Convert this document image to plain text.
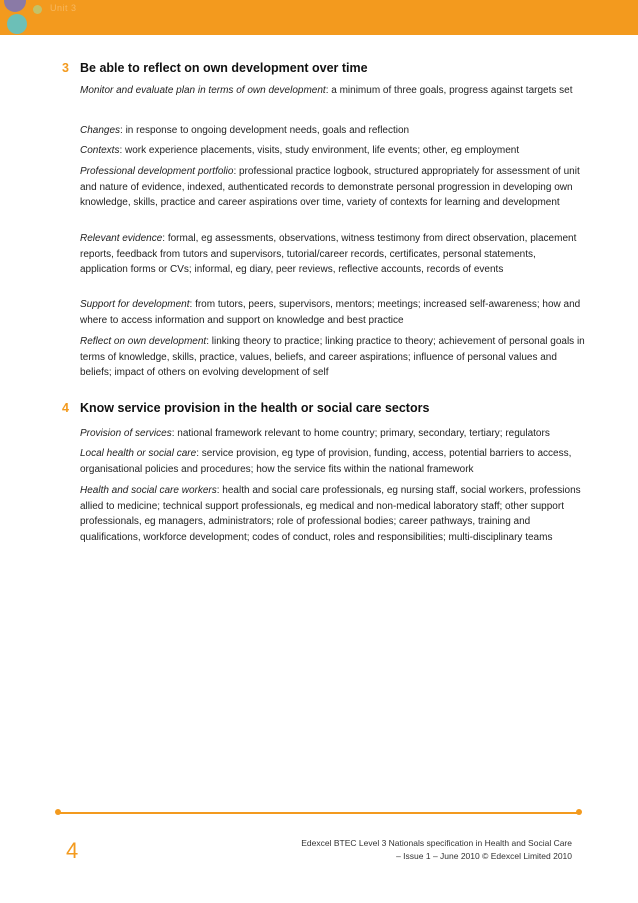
Unit 3
3 Be able to reflect on own development over time
Monitor and evaluate plan in terms of own development: a minimum of three goals, progress against targets set
Changes: in response to ongoing development needs, goals and reflection
Contexts: work experience placements, visits, study environment, life events; other, eg employment
Professional development portfolio: professional practice logbook, structured appropriately for assessment of unit and nature of evidence, indexed, authenticated records to demonstrate personal progression in developing own knowledge, skills, practice and career aspirations over time, variety of contexts for learning and development
Relevant evidence: formal, eg assessments, observations, witness testimony from direct observation, placement reports, feedback from tutors and supervisors, tutorial/career records, certificates, personal statements, application forms or CVs; informal, eg diary, peer reviews, reflective accounts, records of events
Support for development: from tutors, peers, supervisors, mentors; meetings; increased self-awareness; how and where to access information and support on knowledge and best practice
Reflect on own development: linking theory to practice; linking practice to theory; achievement of personal goals in terms of knowledge, skills, practice, values, beliefs, and career aspirations; influence of personal values and beliefs; impact of others on evolving development of self
4 Know service provision in the health or social care sectors
Provision of services: national framework relevant to home country; primary, secondary, tertiary; regulators
Local health or social care: service provision, eg type of provision, funding, access, potential barriers to access, organisational policies and procedures; how the service fits within the national framework
Health and social care workers: health and social care professionals, eg nursing staff, social workers, professions allied to medicine; technical support professionals, eg medical and non-medical laboratory staff; other support professionals, eg managers, administrators; role of professional bodies; career pathways, training and qualifications, workforce development; codes of conduct, roles and responsibilities; multi-disciplinary teams
4	Edexcel BTEC Level 3 Nationals specification in Health and Social Care
– Issue 1 – June 2010 © Edexcel Limited 2010
